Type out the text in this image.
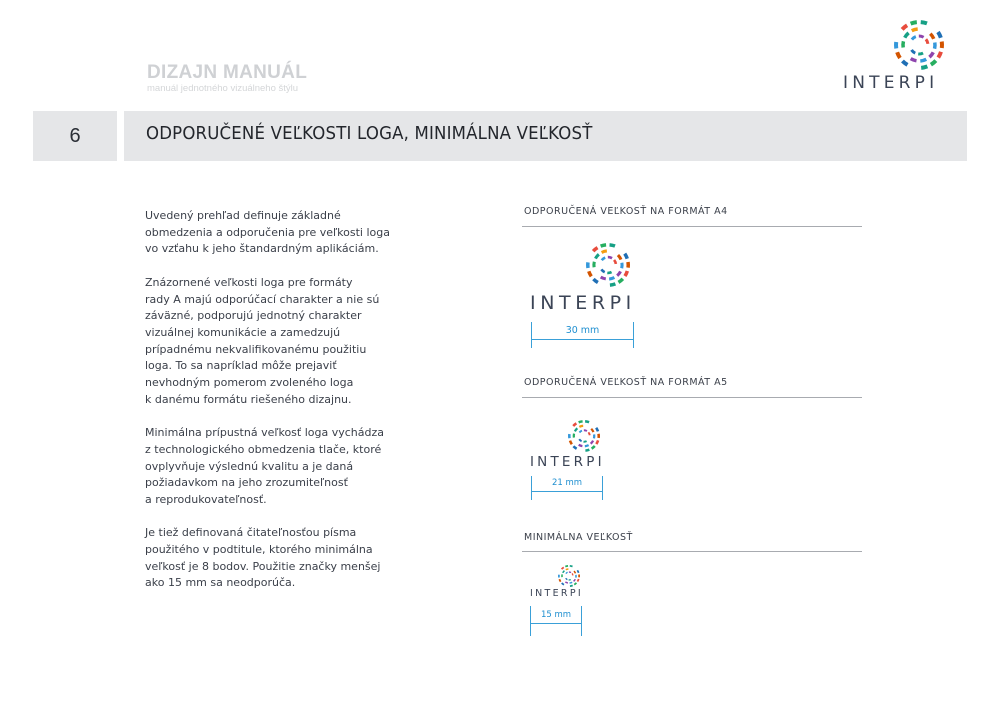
DIZAJN MANUÁL
manuál jednotného vizuálneho štýlu	INTERPI
6	ODPORUČENÉ VEĽKOSTI LOGA, MINIMÁLNA VEĽKOSŤ

Uvedený prehľad definuje základné
obmedzenia a odporučenia pre veľkosti loga
vo vzťahu k jeho štandardným aplikáciám.

Znázornené veľkosti loga pre formáty
rady A majú odporúčací charakter a nie sú
záväzné, podporujú jednotný charakter
vizuálnej komunikácie a zamedzujú
prípadnému nekvalifikovanému použitiu
loga. To sa napríklad môže prejaviť
nevhodným pomerom zvoleného loga
k danému formátu riešeného dizajnu.

Minimálna prípustná veľkosť loga vychádza
z technologického obmedzenia tlače, ktoré
ovplyvňuje výslednú kvalitu a je daná
požiadavkom na jeho zrozumiteľnosť
a reprodukovateľnosť.

Je tiež definovaná čitateľnosťou písma
použitého v podtitule, ktorého minimálna
veľkosť je 8 bodov. Použitie značky menšej
ako 15 mm sa neodporúča.

ODPORUČENÁ VEĽKOSŤ NA FORMÁT A4
INTERPI
30 mm
ODPORUČENÁ VEĽKOSŤ NA FORMÁT A5
INTERPI
21 mm
MINIMÁLNA VEĽKOSŤ
INTERPI
15 mm
